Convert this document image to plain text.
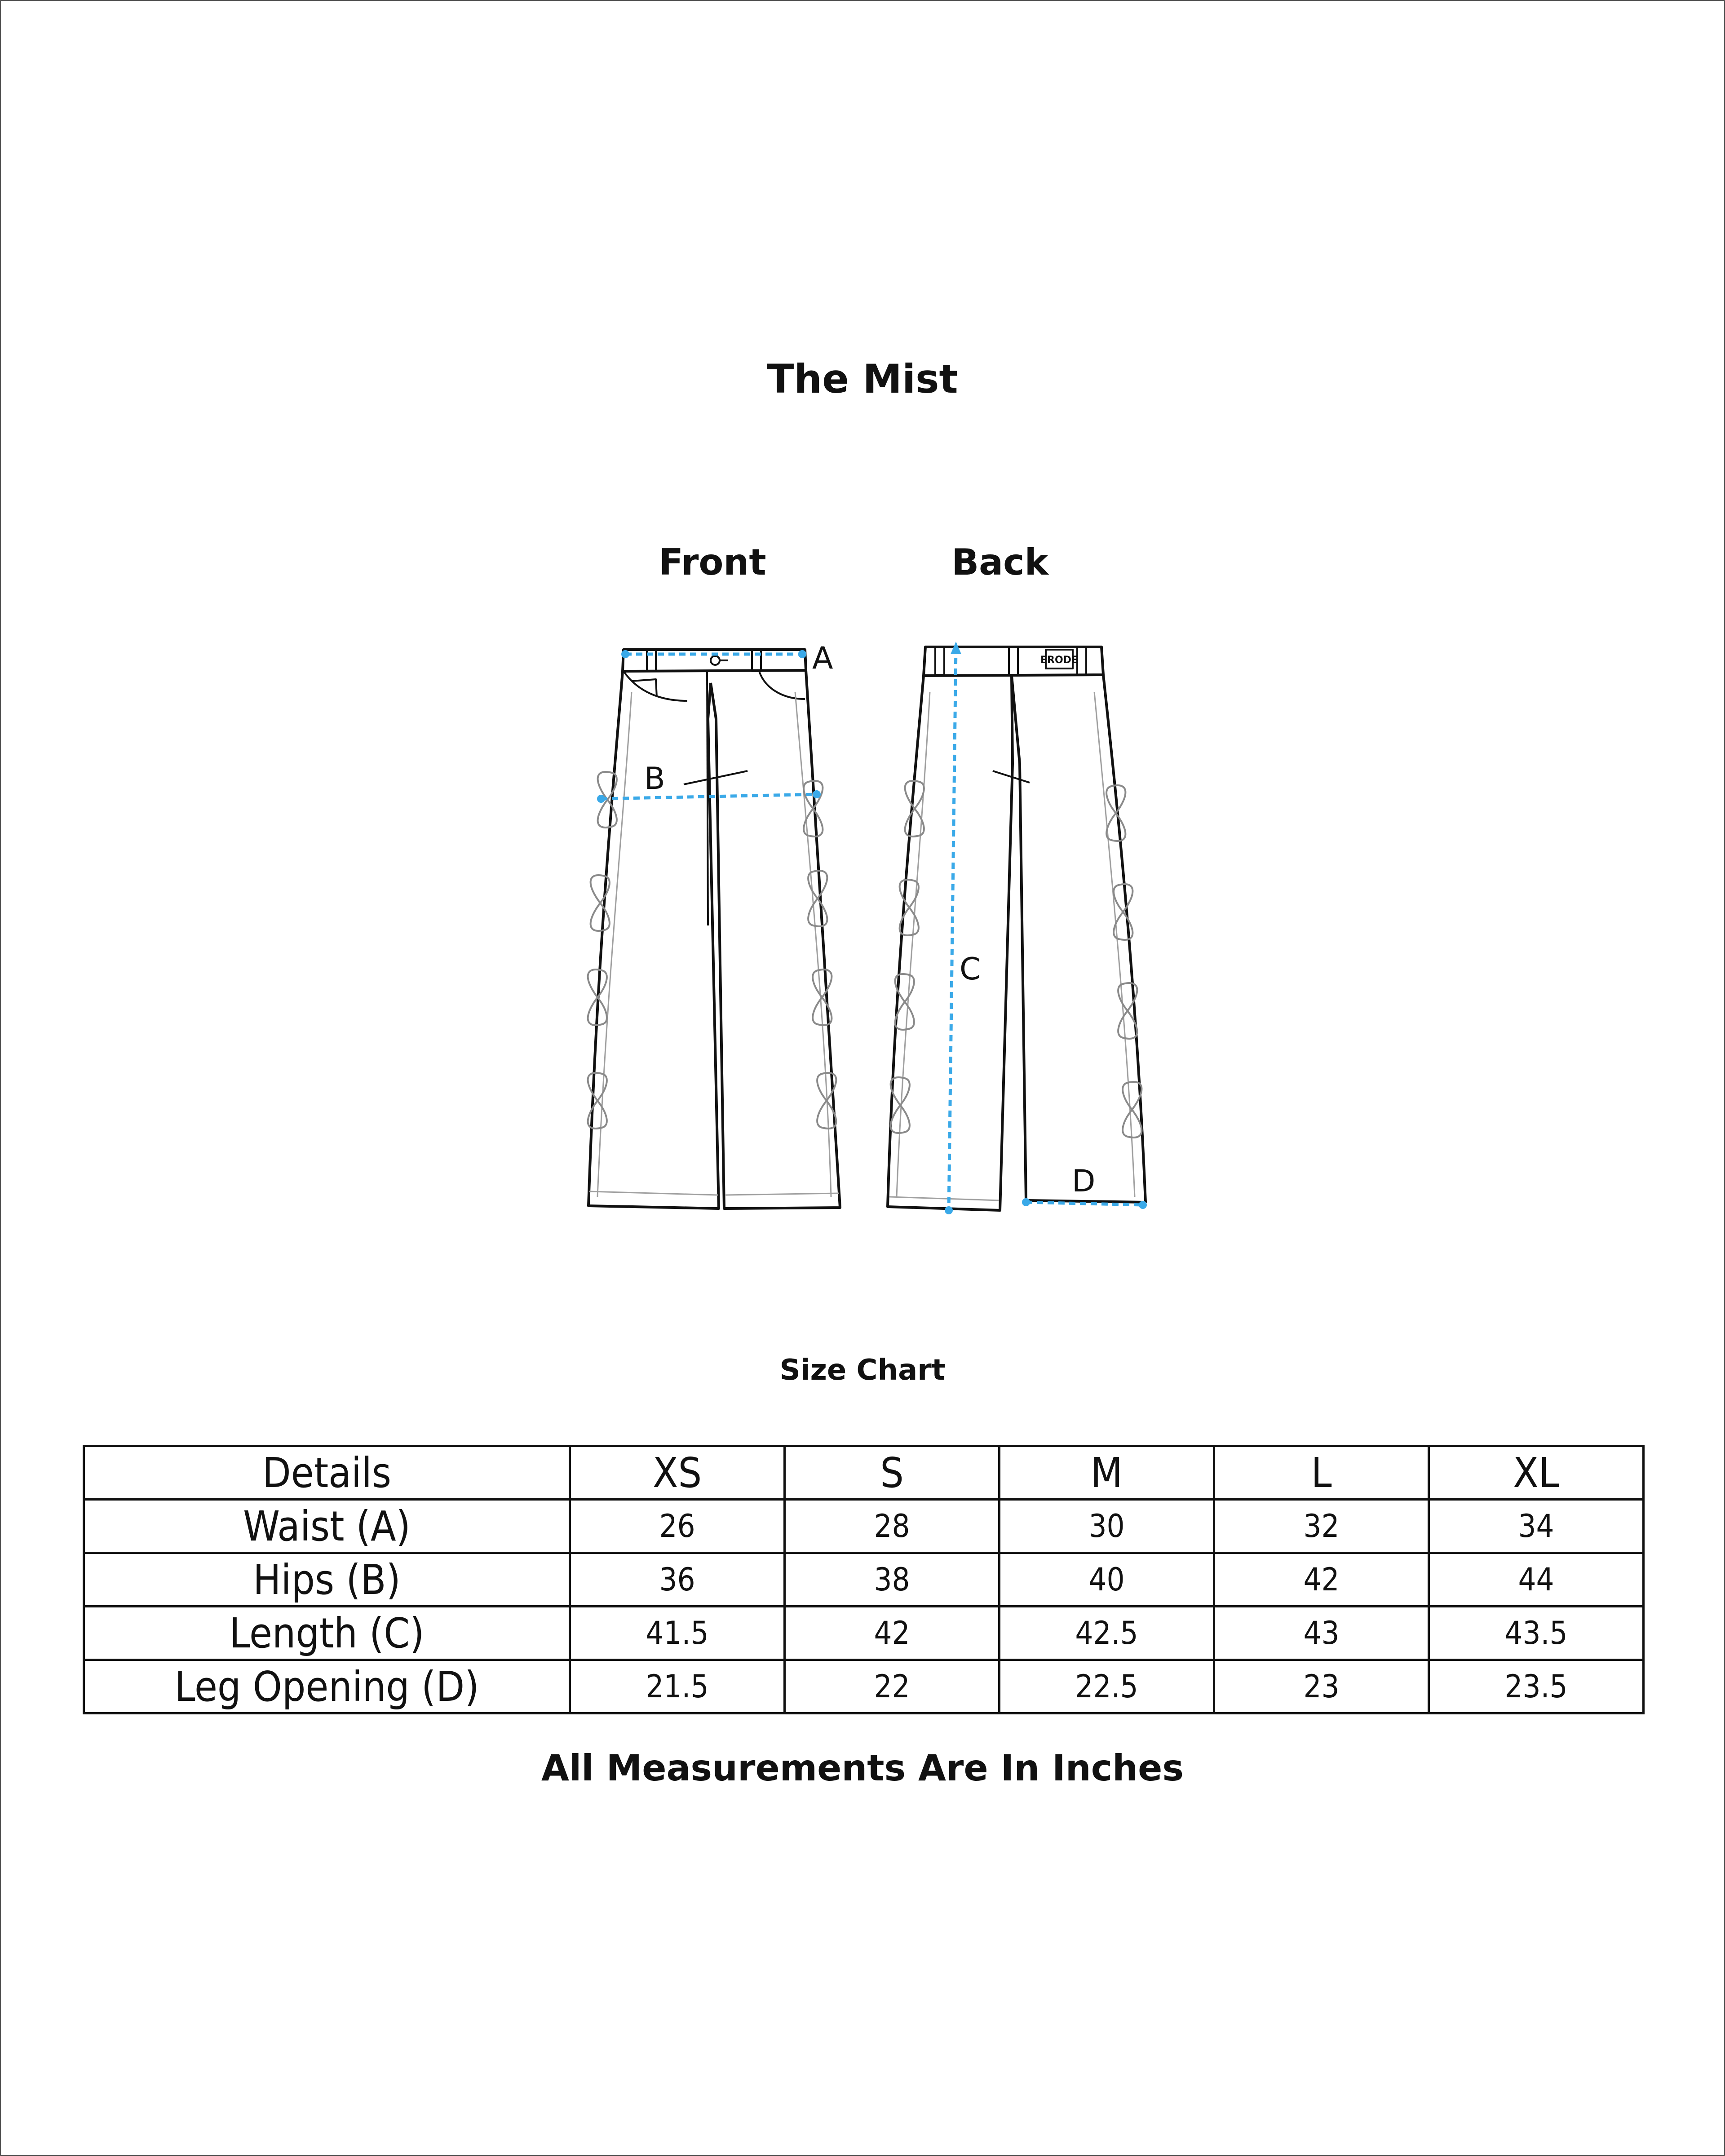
The Mist
Front	Back
ERODE
A
B
C
D
Size Chart
Details	XS	S	M	L	XL
Waist (A)	26	28	30	32	34
Hips (B)	36	38	40	42	44
Length (C)	41.5	42	42.5	43	43.5
Leg Opening (D)	21.5	22	22.5	23	23.5
All Measurements Are In Inches
